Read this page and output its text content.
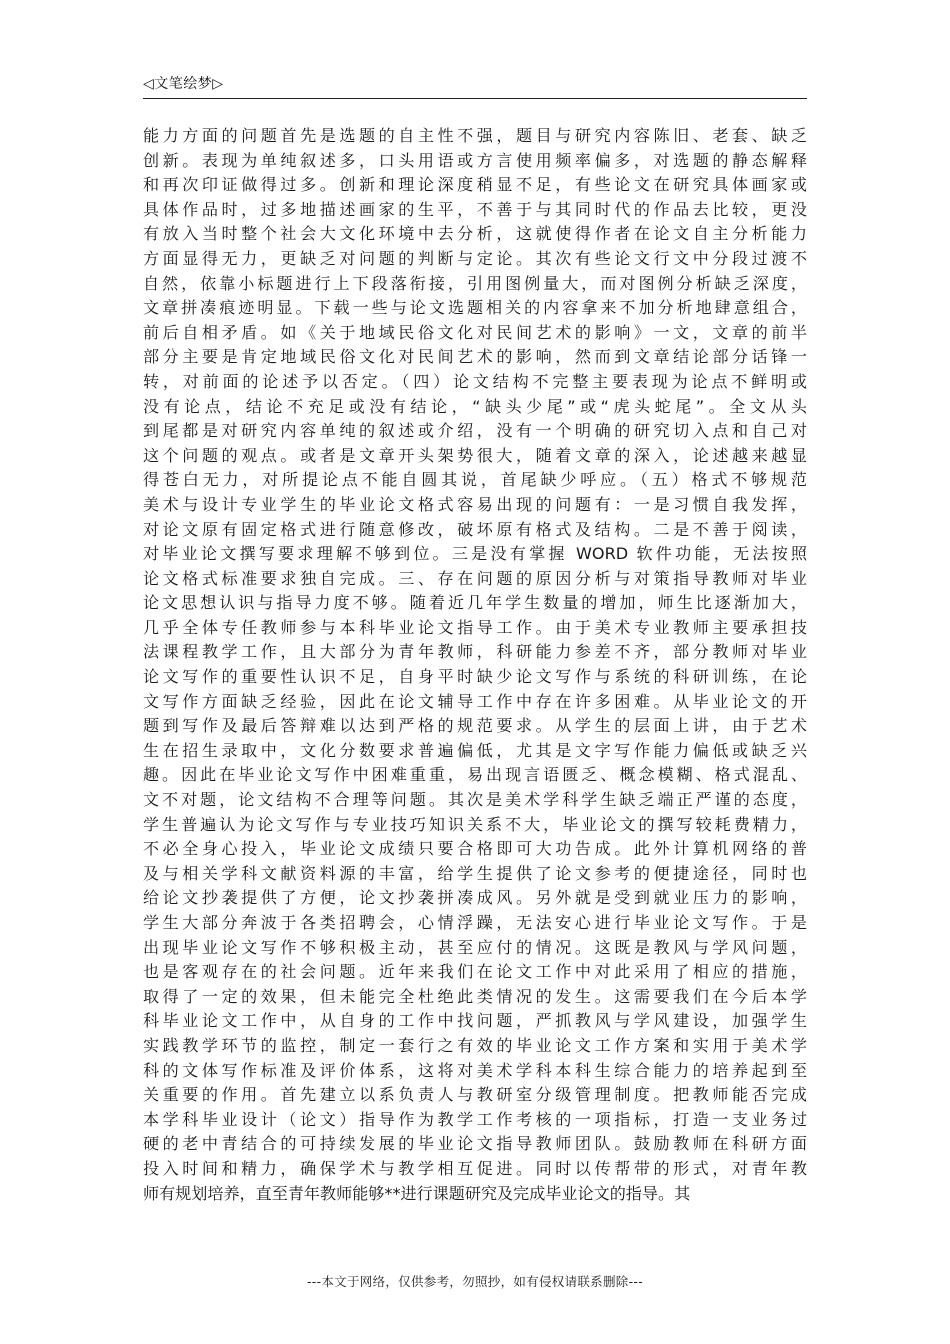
◁文笔绘梦▷
能力方面的问题首先是选题的自主性不强，题目与研究内容陈旧、老套、缺乏
创新。表现为单纯叙述多，口头用语或方言使用频率偏多，对选题的静态解释
和再次印证做得过多。创新和理论深度稍显不足，有些论文在研究具体画家或
具体作品时，过多地描述画家的生平，不善于与其同时代的作品去比较，更没
有放入当时整个社会大文化环境中去分析，这就使得作者在论文自主分析能力
方面显得无力，更缺乏对问题的判断与定论。其次有些论文行文中分段过渡不
自然，依靠小标题进行上下段落衔接，引用图例量大，而对图例分析缺乏深度，
文章拼凑痕迹明显。下载一些与论文选题相关的内容拿来不加分析地肆意组合，
前后自相矛盾。如《关于地域民俗文化对民间艺术的影响》一文，文章的前半
部分主要是肯定地域民俗文化对民间艺术的影响，然而到文章结论部分话锋一
转，对前面的论述予以否定。（四）论文结构不完整主要表现为论点不鲜明或
没有论点，结论不充足或没有结论，“缺头少尾”或“虎头蛇尾”。全文从头
到尾都是对研究内容单纯的叙述或介绍，没有一个明确的研究切入点和自己对
这个问题的观点。或者是文章开头架势很大，随着文章的深入，论述越来越显
得苍白无力，对所提论点不能自圆其说，首尾缺少呼应。（五）格式不够规范
美术与设计专业学生的毕业论文格式容易出现的问题有：一是习惯自我发挥，
对论文原有固定格式进行随意修改，破坏原有格式及结构。二是不善于阅读，
对毕业论文撰写要求理解不够到位。三是没有掌握 WORD 软件功能，无法按照
论文格式标准要求独自完成。三、存在问题的原因分析与对策指导教师对毕业
论文思想认识与指导力度不够。随着近几年学生数量的增加，师生比逐渐加大，
几乎全体专任教师参与本科毕业论文指导工作。由于美术专业教师主要承担技
法课程教学工作，且大部分为青年教师，科研能力参差不齐，部分教师对毕业
论文写作的重要性认识不足，自身平时缺少论文写作与系统的科研训练，在论
文写作方面缺乏经验，因此在论文辅导工作中存在许多困难。从毕业论文的开
题到写作及最后答辩难以达到严格的规范要求。从学生的层面上讲，由于艺术
生在招生录取中，文化分数要求普遍偏低，尤其是文字写作能力偏低或缺乏兴
趣。因此在毕业论文写作中困难重重，易出现言语匮乏、概念模糊、格式混乱、
文不对题，论文结构不合理等问题。其次是美术学科学生缺乏端正严谨的态度，
学生普遍认为论文写作与专业技巧知识关系不大，毕业论文的撰写较耗费精力，
不必全身心投入，毕业论文成绩只要合格即可大功告成。此外计算机网络的普
及与相关学科文献资料源的丰富，给学生提供了论文参考的便捷途径，同时也
给论文抄袭提供了方便，论文抄袭拼凑成风。另外就是受到就业压力的影响，
学生大部分奔波于各类招聘会，心情浮躁，无法安心进行毕业论文写作。于是
出现毕业论文写作不够积极主动，甚至应付的情况。这既是教风与学风问题，
也是客观存在的社会问题。近年来我们在论文工作中对此采用了相应的措施，
取得了一定的效果，但未能完全杜绝此类情况的发生。这需要我们在今后本学
科毕业论文工作中，从自身的工作中找问题，严抓教风与学风建设，加强学生
实践教学环节的监控，制定一套行之有效的毕业论文工作方案和实用于美术学
科的文体写作标准及评价体系，这将对美术学科本科生综合能力的培养起到至
关重要的作用。首先建立以系负责人与教研室分级管理制度。把教师能否完成
本学科毕业设计（论文）指导作为教学工作考核的一项指标，打造一支业务过
硬的老中青结合的可持续发展的毕业论文指导教师团队。鼓励教师在科研方面
投入时间和精力，确保学术与教学相互促进。同时以传帮带的形式，对青年教
师有规划培养，直至青年教师能够**进行课题研究及完成毕业论文的指导。其
---本文于网络，仅供参考，勿照抄，如有侵权请联系删除---
